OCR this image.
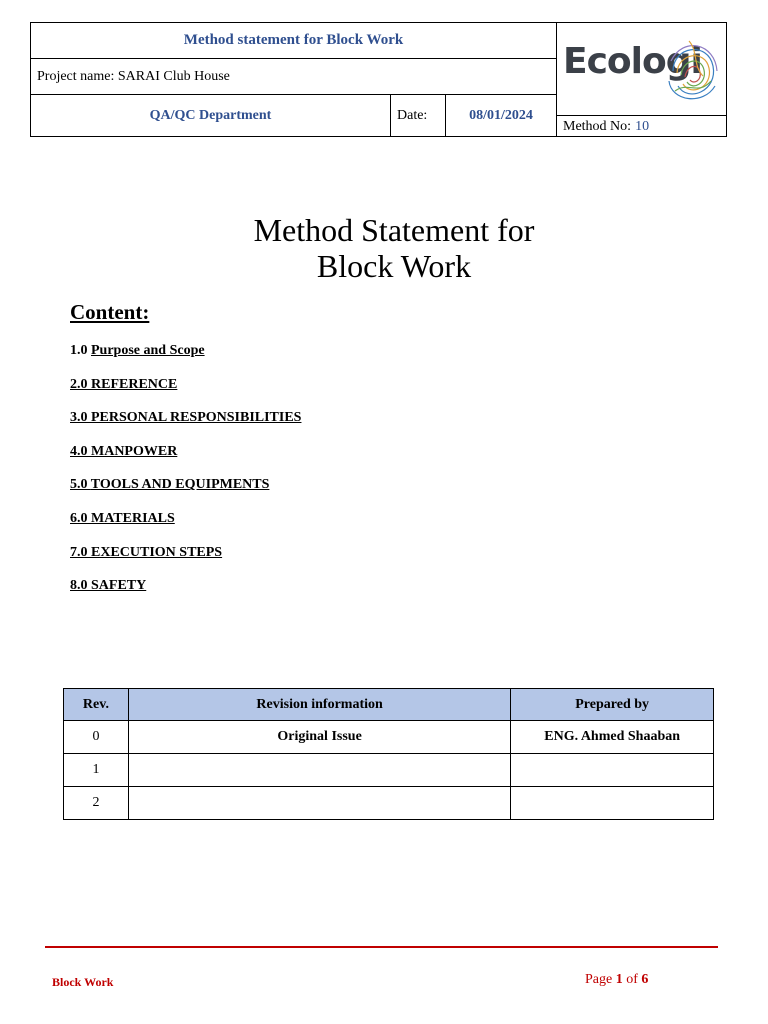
Method statement for Block Work
Project name: SARAI Club House
QA/QC Department	Date:	08/01/2024
Ecologi
Method No: 10
Method Statement for
Block Work
Content:
1.0 Purpose and Scope
2.0 REFERENCE
3.0 PERSONAL RESPONSIBILITIES
4.0 MANPOWER
5.0 TOOLS AND EQUIPMENTS
6.0 MATERIALS
7.0 EXECUTION STEPS
8.0 SAFETY
Rev.	Revision information	Prepared by
0	Original Issue	ENG. Ahmed Shaaban
1		
2		
Block Work	Page 1 of 6
